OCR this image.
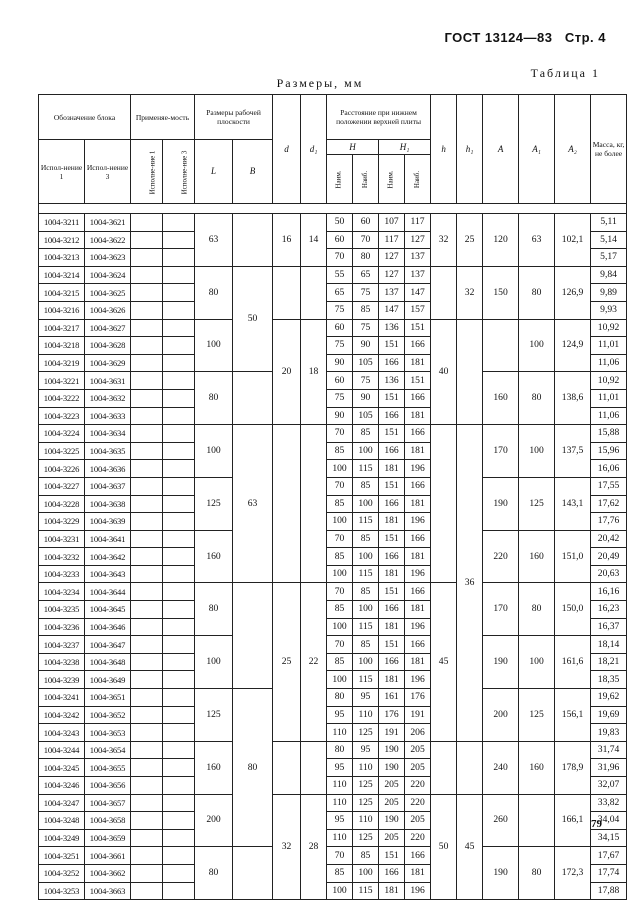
ГОСТ 13124—83 Стр. 4
Таблица 1
Размеры, мм
Обозначение блока		Применяе-мость		Размеры рабочей плоскости		d	d₁	Расстояние при нижнем положении верхней плиты				h	h₁	A	A₁	A₂	Масса, кг, не более
Испол-нение 1	Испол-нение 3	Исполне-ние 1	Исполне-ние 3	L	B			H		H₁							
								Наим.	Наиб.	Наим.	Наиб.						

1004-3211	1004-3621			63		16	14	50	60	107	117	32	25	120	63	102,1	5,11
1004-3212	1004-3622							60	70	117	127						5,14
1004-3213	1004-3623							70	80	127	137						5,17
1004-3214	1004-3624			80	50			55	65	127	137		32	150	80	126,9	9,84
1004-3215	1004-3625							65	75	137	147						9,89
1004-3216	1004-3626							75	85	147	157						9,93
1004-3217	1004-3627			100		20	18	60	75	136	151	40			100	124,9	10,92
1004-3218	1004-3628							75	90	151	166						11,01
1004-3219	1004-3629							90	105	166	181						11,06
1004-3221	1004-3631			80				60	75	136	151			160	80	138,6	10,92
1004-3222	1004-3632							75	90	151	166						11,01
1004-3223	1004-3633							90	105	166	181						11,06
1004-3224	1004-3634			100	63			70	85	151	166		36	170	100	137,5	15,88
1004-3225	1004-3635							85	100	166	181						15,96
1004-3226	1004-3636							100	115	181	196						16,06
1004-3227	1004-3637			125				70	85	151	166			190	125	143,1	17,55
1004-3228	1004-3638							85	100	166	181						17,62
1004-3229	1004-3639							100	115	181	196						17,76
1004-3231	1004-3641			160				70	85	151	166			220	160	151,0	20,42
1004-3232	1004-3642							85	100	166	181						20,49
1004-3233	1004-3643							100	115	181	196						20,63
1004-3234	1004-3644			80		25	22	70	85	151	166	45		170	80	150,0	16,16
1004-3235	1004-3645							85	100	166	181						16,23
1004-3236	1004-3646							100	115	181	196						16,37
1004-3237	1004-3647			100				70	85	151	166			190	100	161,6	18,14
1004-3238	1004-3648							85	100	166	181						18,21
1004-3239	1004-3649							100	115	181	196						18,35
1004-3241	1004-3651			125	80			80	95	161	176			200	125	156,1	19,62
1004-3242	1004-3652							95	110	176	191						19,69
1004-3243	1004-3653							110	125	191	206						19,83
1004-3244	1004-3654			160				80	95	190	205			240	160	178,9	31,74
1004-3245	1004-3655							95	110	190	205						31,96
1004-3246	1004-3656							110	125	205	220						32,07
1004-3247	1004-3657			200		32	28	110	125	205	220	50	45	260		166,1	33,82
1004-3248	1004-3658							95	110	190	205						34,04
1004-3249	1004-3659							110	125	205	220						34,15
1004-3251	1004-3661			80				70	85	151	166			190	80	172,3	17,67
1004-3252	1004-3662							85	100	166	181						17,74
1004-3253	1004-3663							100	115	181	196						17,88
79
